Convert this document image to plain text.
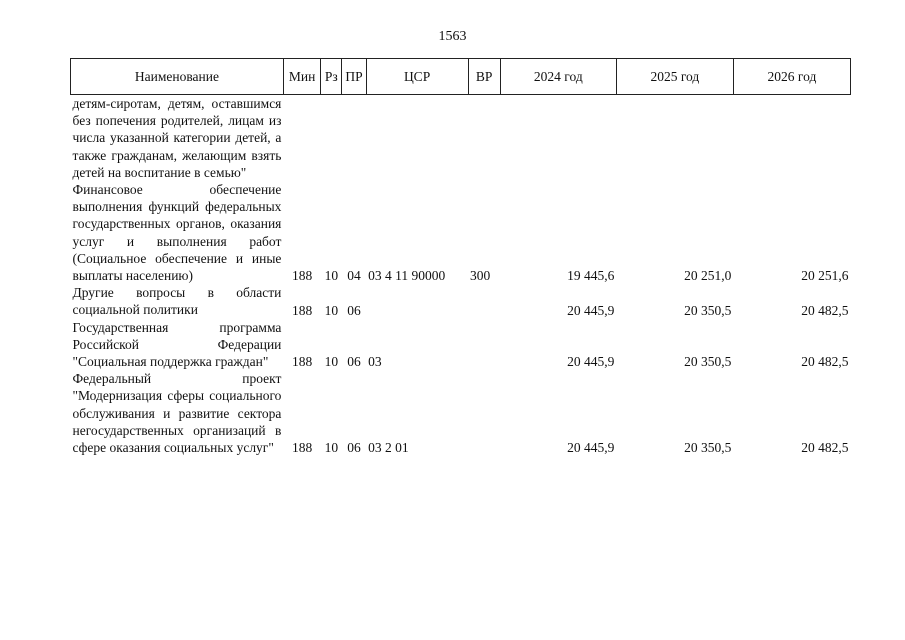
1563
Наименование	Мин	Рз	ПР	ЦСР	ВР	2024 год	2025 год	2026 год
детям-сиротам, детям, оставшимся без попечения родителей, лицам из числа указанной категории детей, а также гражданам, желающим взять детей на воспитание в семью"								
Финансовое обеспечение выполнения функций федеральных государственных органов, оказания услуг и выполнения работ (Социальное обеспечение и иные выплаты населению)	188	10	04	03 4 11 90000	300	19 445,6	20 251,0	20 251,6
Другие вопросы в области социальной политики	188	10	06			20 445,9	20 350,5	20 482,5
Государственная программа Российской Федерации "Социальная поддержка граждан"	188	10	06	03		20 445,9	20 350,5	20 482,5
Федеральный проект "Модернизация сферы социального обслуживания и развитие сектора негосударственных организаций в сфере оказания социальных услуг"	188	10	06	03 2 01		20 445,9	20 350,5	20 482,5
